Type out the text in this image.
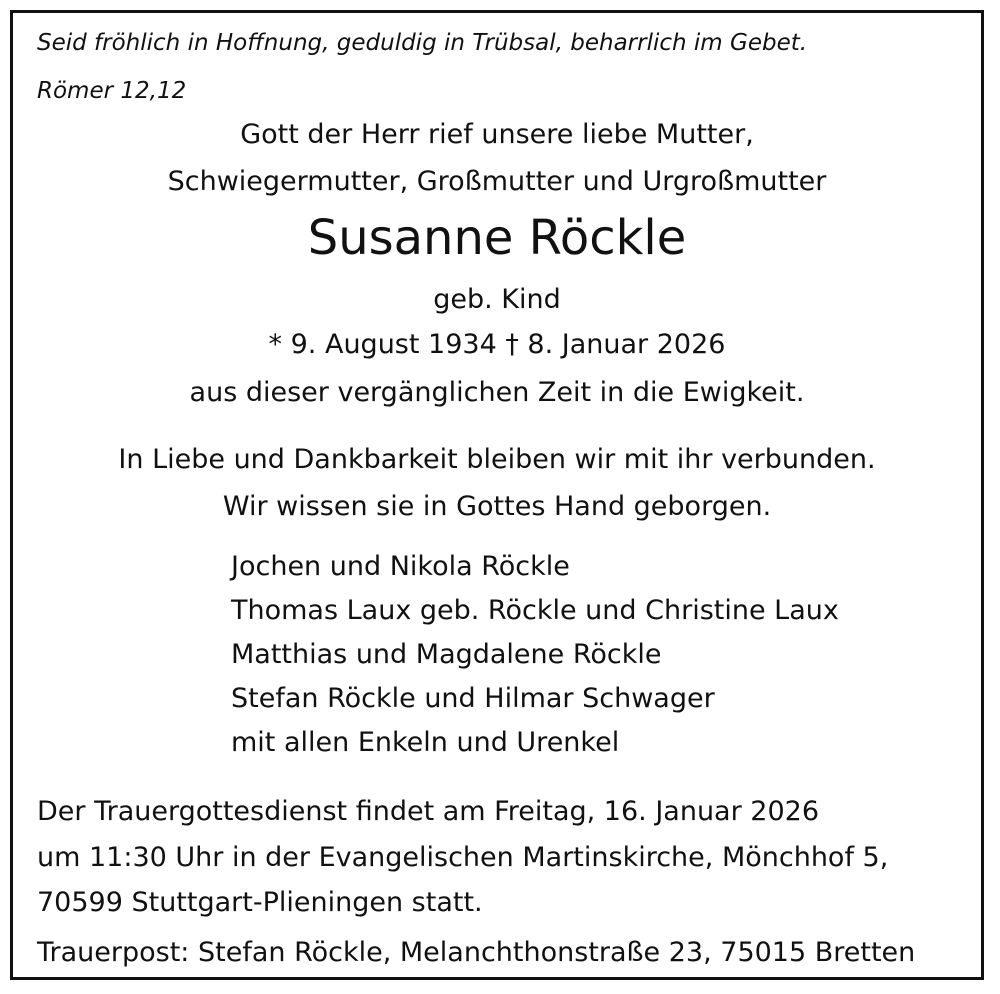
Seid fröhlich in Hoffnung, geduldig in Trübsal, beharrlich im Gebet.
Römer 12,12
Gott der Herr rief unsere liebe Mutter,
Schwiegermutter, Großmutter und Urgroßmutter
Susanne Röckle
geb. Kind
* 9. August 1934 † 8. Januar 2026
aus dieser vergänglichen Zeit in die Ewigkeit.
In Liebe und Dankbarkeit bleiben wir mit ihr verbunden.
Wir wissen sie in Gottes Hand geborgen.
Jochen und Nikola Röckle
Thomas Laux geb. Röckle und Christine Laux
Matthias und Magdalene Röckle
Stefan Röckle und Hilmar Schwager
mit allen Enkeln und Urenkel
Der Trauergottesdienst findet am Freitag, 16. Januar 2026
um 11:30 Uhr in der Evangelischen Martinskirche, Mönchhof 5,
70599 Stuttgart-Plieningen statt.
Trauerpost: Stefan Röckle, Melanchthonstraße 23, 75015 Bretten
